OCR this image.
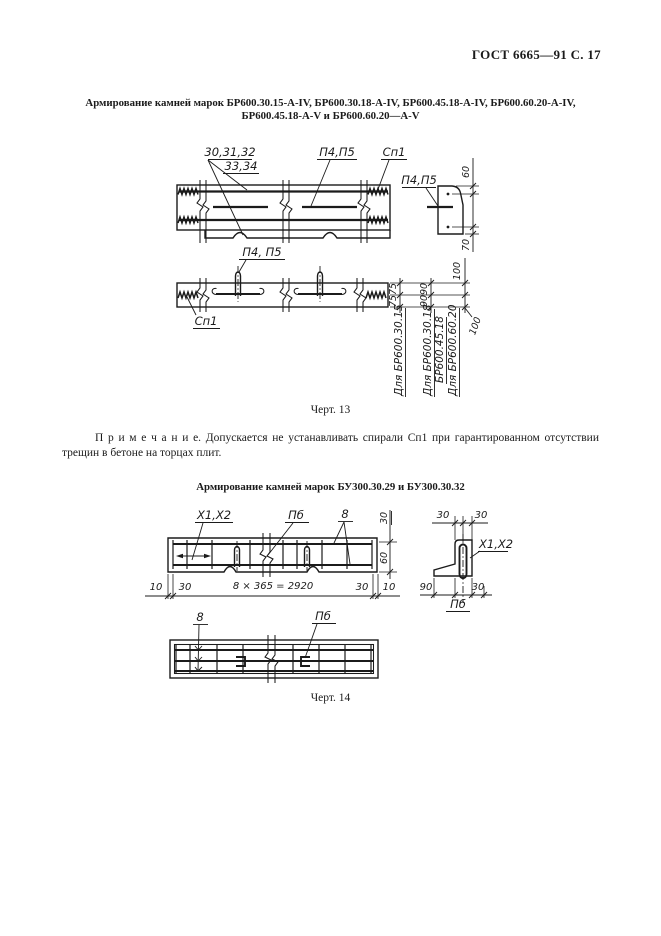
ГОСТ 6665—91 С. 17
Армирование камней марок БР600.30.15-А-IV, БР600.30.18-А-IV, БР600.45.18-А-IV, БР600.60.20-А-IV,
БР600.45.18-А-V и БР600.60.20—А-V
30,31,32
33,34
П4,П5 Сп1
П4,П5
60
70
П4, П5
Сп1
75
75
90
90
100
100
Для БР600.30.15 Для БР600.30.18 БР600.45.18 Для БР600.60.20
Черт. 13
П р и м е ч а н и е. Допускается не устанавливать спирали Сп1 при гарантированном отсутствии трещин в бетоне на торцах плит.
Армирование камней марок БУ300.30.29 и БУ300.30.32
Х1,Х2	Пб	8	30
60
10 30	8 × 365 = 2920	30 10
30	30
Х1,Х2
90	30
Пб
8	Пб
Черт. 14
